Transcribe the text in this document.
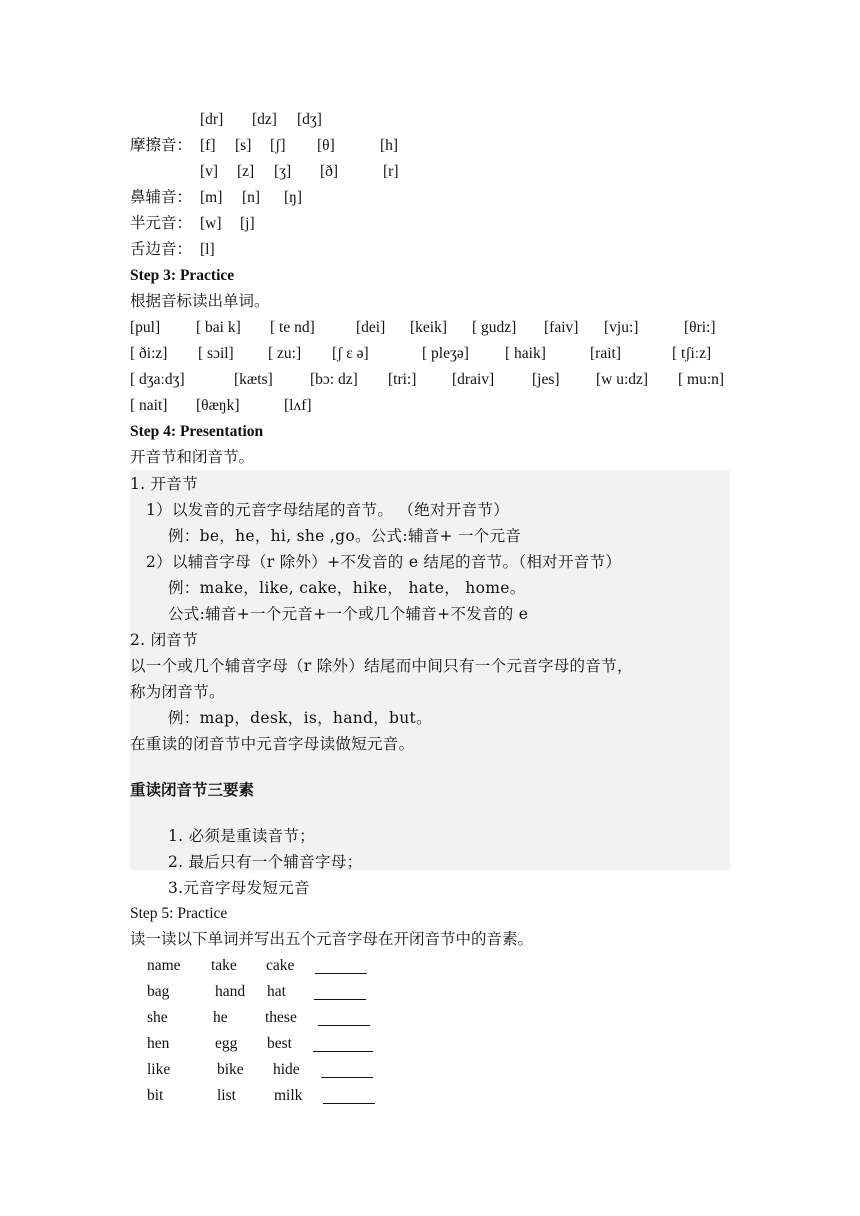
[dr] [dz] [dʒ]
摩擦音： [f] [s] [ʃ] [θ]	[h]
[v] [z] [ʒ] [ð]	[r]
鼻辅音： [m] [n] [ŋ]
半元音： [w] [j]
舌边音： [l]
Step 3: Practice
根据音标读出单词。
[pul] [ bai k] [ te nd]	[dei] [keik] [ gudz] [faiv] [vju:]	[θri:]
[ ði:z] [ sɔil] [ zu:] [ʃ ε ə]	[ pleʒə] [ haik]	[rait]	[ tʃiːz]
[ dʒaːdʒ]	[kæts] [bɔ: dz] [tri:] [draiv] [jes] [w u:dz] [ mu:n]
[ nait] [θæŋk]	[lʌf]
Step 4: Presentation
开音节和闭音节。
1. 开音节
1）以发音的元音字母结尾的音节。 （绝对开音节）
例：be，he，hi, she ,go。公式:辅音+ 一个元音
2）以辅音字母（r 除外）+不发音的 e 结尾的音节。（相对开音节）
例：make，like, cake，hike， hate， home。
公式:辅音+一个元音+一个或几个辅音+不发音的 e
2. 闭音节
以一个或几个辅音字母（r 除外）结尾而中间只有一个元音字母的音节，
称为闭音节。
例：map，desk，is，hand，but。
在重读的闭音节中元音字母读做短元音。
重读闭音节三要素
1. 必须是重读音节；
2. 最后只有一个辅音字母；
3.元音字母发短元音
Step 5: Practice
读一读以下单词并写出五个元音字母在开闭音节中的音素。
name take cake
bag	hand hat
she	he these
hen	egg best
like	bike hide
bit	list milk
